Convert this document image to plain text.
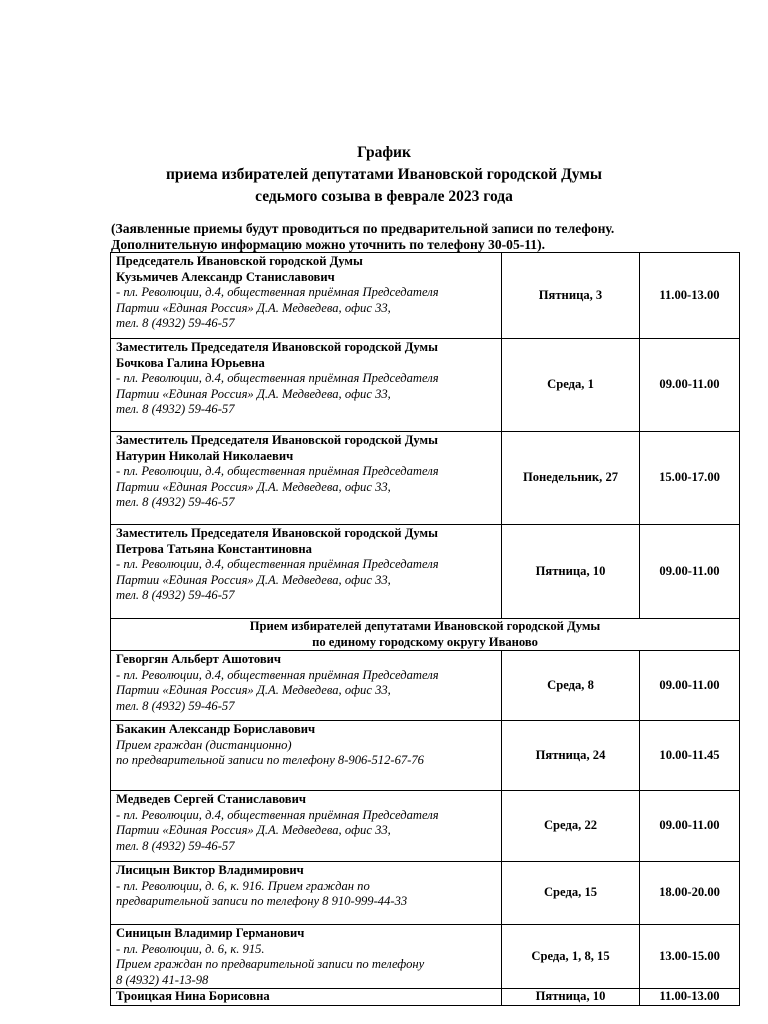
График
приема избирателей депутатами Ивановской городской Думы
седьмого созыва в феврале 2023 года
(Заявленные приемы будут проводиться по предварительной записи по телефону.
Дополнительную информацию можно уточнить по телефону 30-05-11).
Председатель Ивановской городской Думы
Кузьмичев Александр Станиславович
- пл. Революции, д.4, общественная приёмная Председателя
Партии «Единая Россия» Д.А. Медведева, офис 33,
тел. 8 (4932) 59-46-57	Пятница, 3	11.00-13.00

Заместитель Председателя Ивановской городской Думы
Бочкова Галина Юрьевна
- пл. Революции, д.4, общественная приёмная Председателя
Партии «Единая Россия» Д.А. Медведева, офис 33,
тел. 8 (4932) 59-46-57	Среда, 1	09.00-11.00

Заместитель Председателя Ивановской городской Думы
Натурин Николай Николаевич
- пл. Революции, д.4, общественная приёмная Председателя
Партии «Единая Россия» Д.А. Медведева, офис 33,
тел. 8 (4932) 59-46-57	Понедельник, 27	15.00-17.00

Заместитель Председателя Ивановской городской Думы
Петрова Татьяна Константиновна
- пл. Революции, д.4, общественная приёмная Председателя
Партии «Единая Россия» Д.А. Медведева, офис 33,
тел. 8 (4932) 59-46-57	Пятница, 10	09.00-11.00

Прием избирателей депутатами Ивановской городской Думы
по единому городскому округу Иваново		

Геворгян Альберт Ашотович
- пл. Революции, д.4, общественная приёмная Председателя
Партии «Единая Россия» Д.А. Медведева, офис 33,
тел. 8 (4932) 59-46-57	Среда, 8	09.00-11.00

Бакакин Александр Бориславович
Прием граждан (дистанционно)
по предварительной записи по телефону 8-906-512-67-76	Пятница, 24	10.00-11.45

Медведев Сергей Станиславович
- пл. Революции, д.4, общественная приёмная Председателя
Партии «Единая Россия» Д.А. Медведева, офис 33,
тел. 8 (4932) 59-46-57	Среда, 22	09.00-11.00

Лисицын Виктор Владимирович
- пл. Революции, д. 6, к. 916. Прием граждан по
предварительной записи по телефону 8 910-999-44-33	Среда, 15	18.00-20.00

Синицын Владимир Германович
- пл. Революции, д. 6, к. 915.
Прием граждан по предварительной записи по телефону
8 (4932) 41-13-98	Среда, 1, 8, 15	13.00-15.00

Троицкая Нина Борисовна	Пятница, 10	11.00-13.00
